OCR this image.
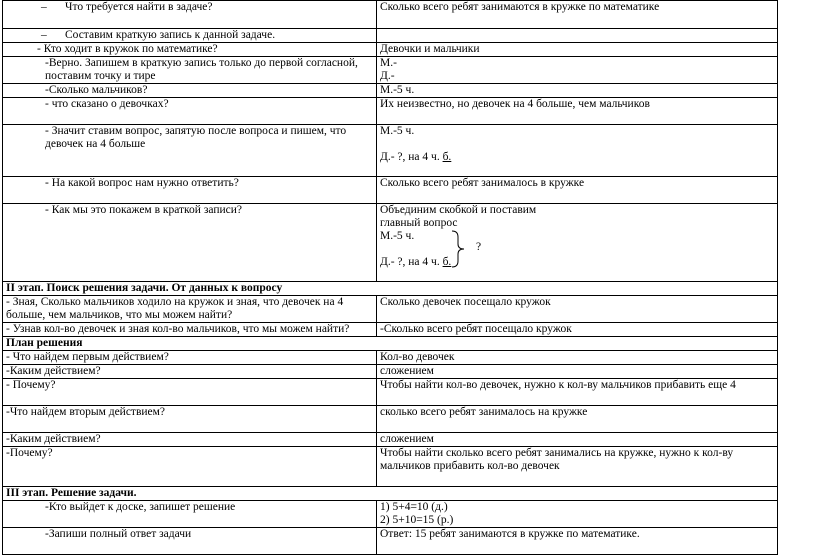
– Что требуется найти в задаче?	Сколько всего ребят занимаются в кружке по математике
– Составим краткую запись к данной задаче.	
- Кто ходит в кружок по математике?	Девочки и мальчики
-Верно. Запишем в краткую запись только до первой согласной, поставим точку и тире	М.-
Д.-

-Сколько мальчиков?	М.-5 ч.
- что сказано о девочках?	Их неизвестно, но девочек на 4 больше, чем мальчиков
- Значит ставим вопрос, запятую после вопроса и пишем, что девочек на 4 больше	М.-5 ч.
Д.- ?, на 4 ч. б.

- На какой вопрос нам нужно ответить?	Сколько всего ребят занималось в кружке
- Как мы это покажем в краткой записи?	Объединим скобкой и поставим главный вопрос
М.-5 ч.
Д.- ?, на 4 ч. б.
?

II этап. Поиск решения задачи. От данных к вопросу	
- Зная, Сколько мальчиков ходило на кружок и зная, что девочек на 4 больше, чем мальчиков, что мы можем найти?	Сколько девочек посещало кружок
- Узнав кол-во девочек и зная кол-во мальчиков, что мы можем найти?	-Сколько всего ребят посещало кружок
План решения	
- Что найдем первым действием?	Кол-во девочек
-Каким действием?	сложением
- Почему?	Чтобы найти кол-во девочек, нужно к кол-ву мальчиков прибавить еще 4
-Что найдем вторым действием?	сколько всего ребят занималось на кружке
-Каким действием?	сложением
-Почему?	Чтобы найти сколько всего ребят занимались на кружке, нужно к кол-ву мальчиков прибавить кол-во девочек
III этап. Решение задачи.	
-Кто выйдет к доске, запишет решение	1) 5+4=10 (д.)
2) 5+10=15 (р.)

-Запиши полный ответ задачи	Ответ: 15 ребят занимаются в кружке по математике.
